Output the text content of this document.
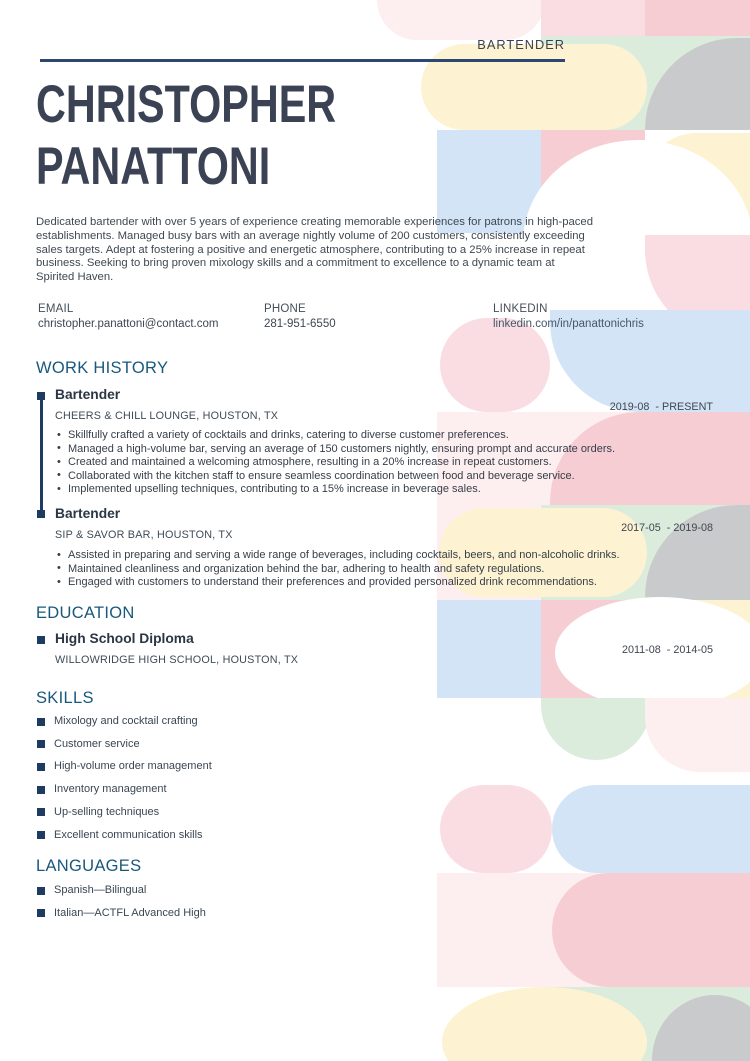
BARTENDER
CHRISTOPHER
PANATTONI

Dedicated bartender with over 5 years of experience creating memorable experiences for patrons in high-paced establishments. Managed busy bars with an average nightly volume of 200 customers, consistently exceeding sales targets. Adept at fostering a positive and energetic atmosphere, contributing to a 25% increase in repeat business. Seeking to bring proven mixology skills and a commitment to excellence to a dynamic team at Spirited Haven.

EMAIL
christopher.panattoni@contact.com
PHONE
281-951-6550
LINKEDIN
linkedin.com/in/panattonichris
WORK HISTORY
Bartender
CHEERS & CHILL LOUNGE, HOUSTON, TX
2019-08  - PRESENT
• Skillfully crafted a variety of cocktails and drinks, catering to diverse customer preferences.
• Managed a high-volume bar, serving an average of 150 customers nightly, ensuring prompt and accurate orders.
• Created and maintained a welcoming atmosphere, resulting in a 20% increase in repeat customers.
• Collaborated with the kitchen staff to ensure seamless coordination between food and beverage service.
• Implemented upselling techniques, contributing to a 15% increase in beverage sales.
Bartender
SIP & SAVOR BAR, HOUSTON, TX
2017-05  - 2019-08
• Assisted in preparing and serving a wide range of beverages, including cocktails, beers, and non-alcoholic drinks.
• Maintained cleanliness and organization behind the bar, adhering to health and safety regulations.
• Engaged with customers to understand their preferences and provided personalized drink recommendations.
EDUCATION
High School Diploma
WILLOWRIDGE HIGH SCHOOL, HOUSTON, TX
2011-08  - 2014-05
SKILLS
Mixology and cocktail crafting
Customer service
High-volume order management
Inventory management
Up-selling techniques
Excellent communication skills
LANGUAGES
Spanish—Bilingual
Italian—ACTFL Advanced High
